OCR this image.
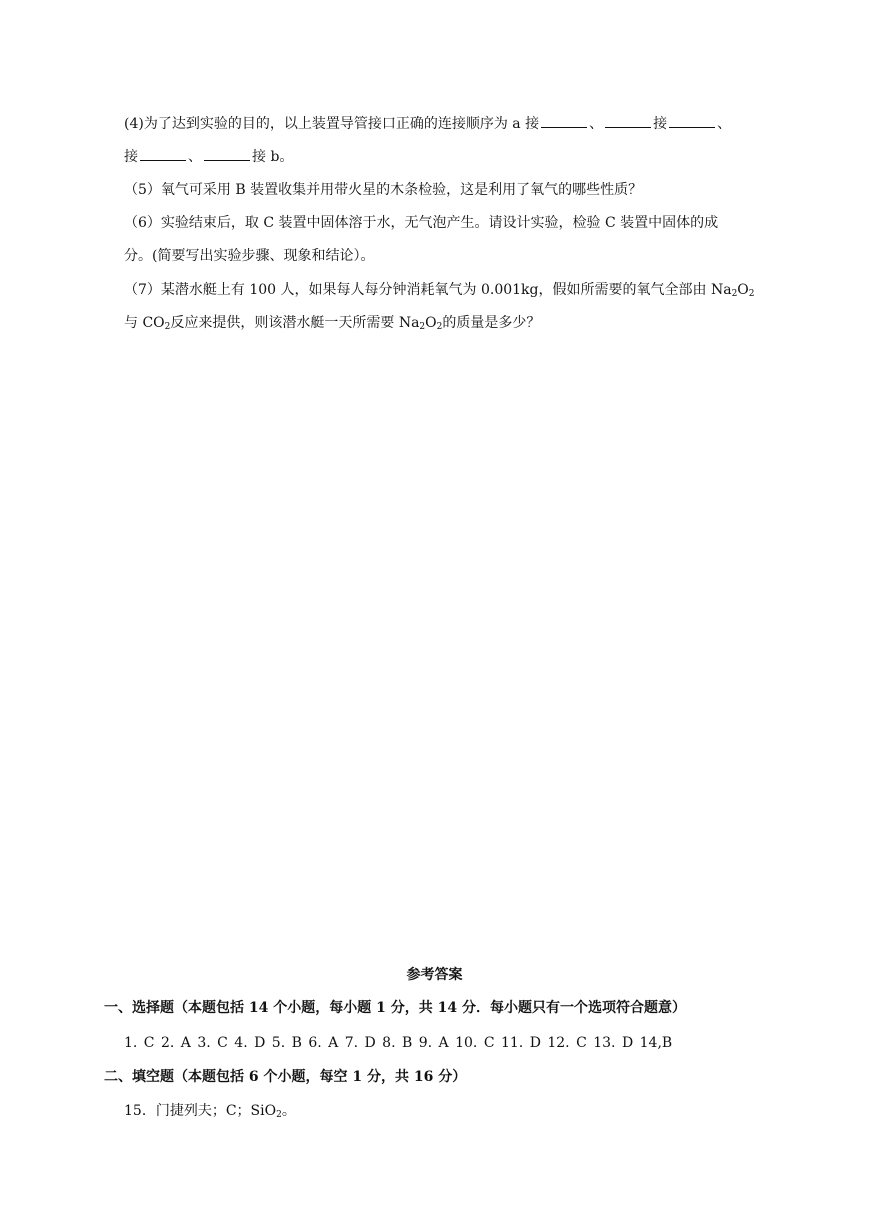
(4)为了达到实验的目的，以上装置导管接口正确的连接顺序为 a 接	、	接	、
接	、	接 b。
（5）氧气可采用 B 装置收集并用带火星的木条检验，这是利用了氧气的哪些性质？
（6）实验结束后，取 C 装置中固体溶于水，无气泡产生。请设计实验，检验 C 装置中固体的成
分。(简要写出实验步骤、现象和结论）。
（7）某潜水艇上有 100 人，如果每人每分钟消耗氧气为 0.001kg，假如所需要的氧气全部由 $Na_2O_2$
与 $CO_2$反应来提供，则该潜水艇一天所需要 $Na_2O_2$的质量是多少？
参考答案
一、选择题（本题包括 14 个小题，每小题 1 分，共 14 分．每小题只有一个选项符合题意）
1. C 2. A 3. C 4. D 5. B 6. A 7. D 8. B 9. A 10. C 11. D 12. C 13. D 14,B
二、填空题（本题包括 6 个小题，每空 1 分，共 16 分）
15．门捷列夫；C；SiO$_2$。
